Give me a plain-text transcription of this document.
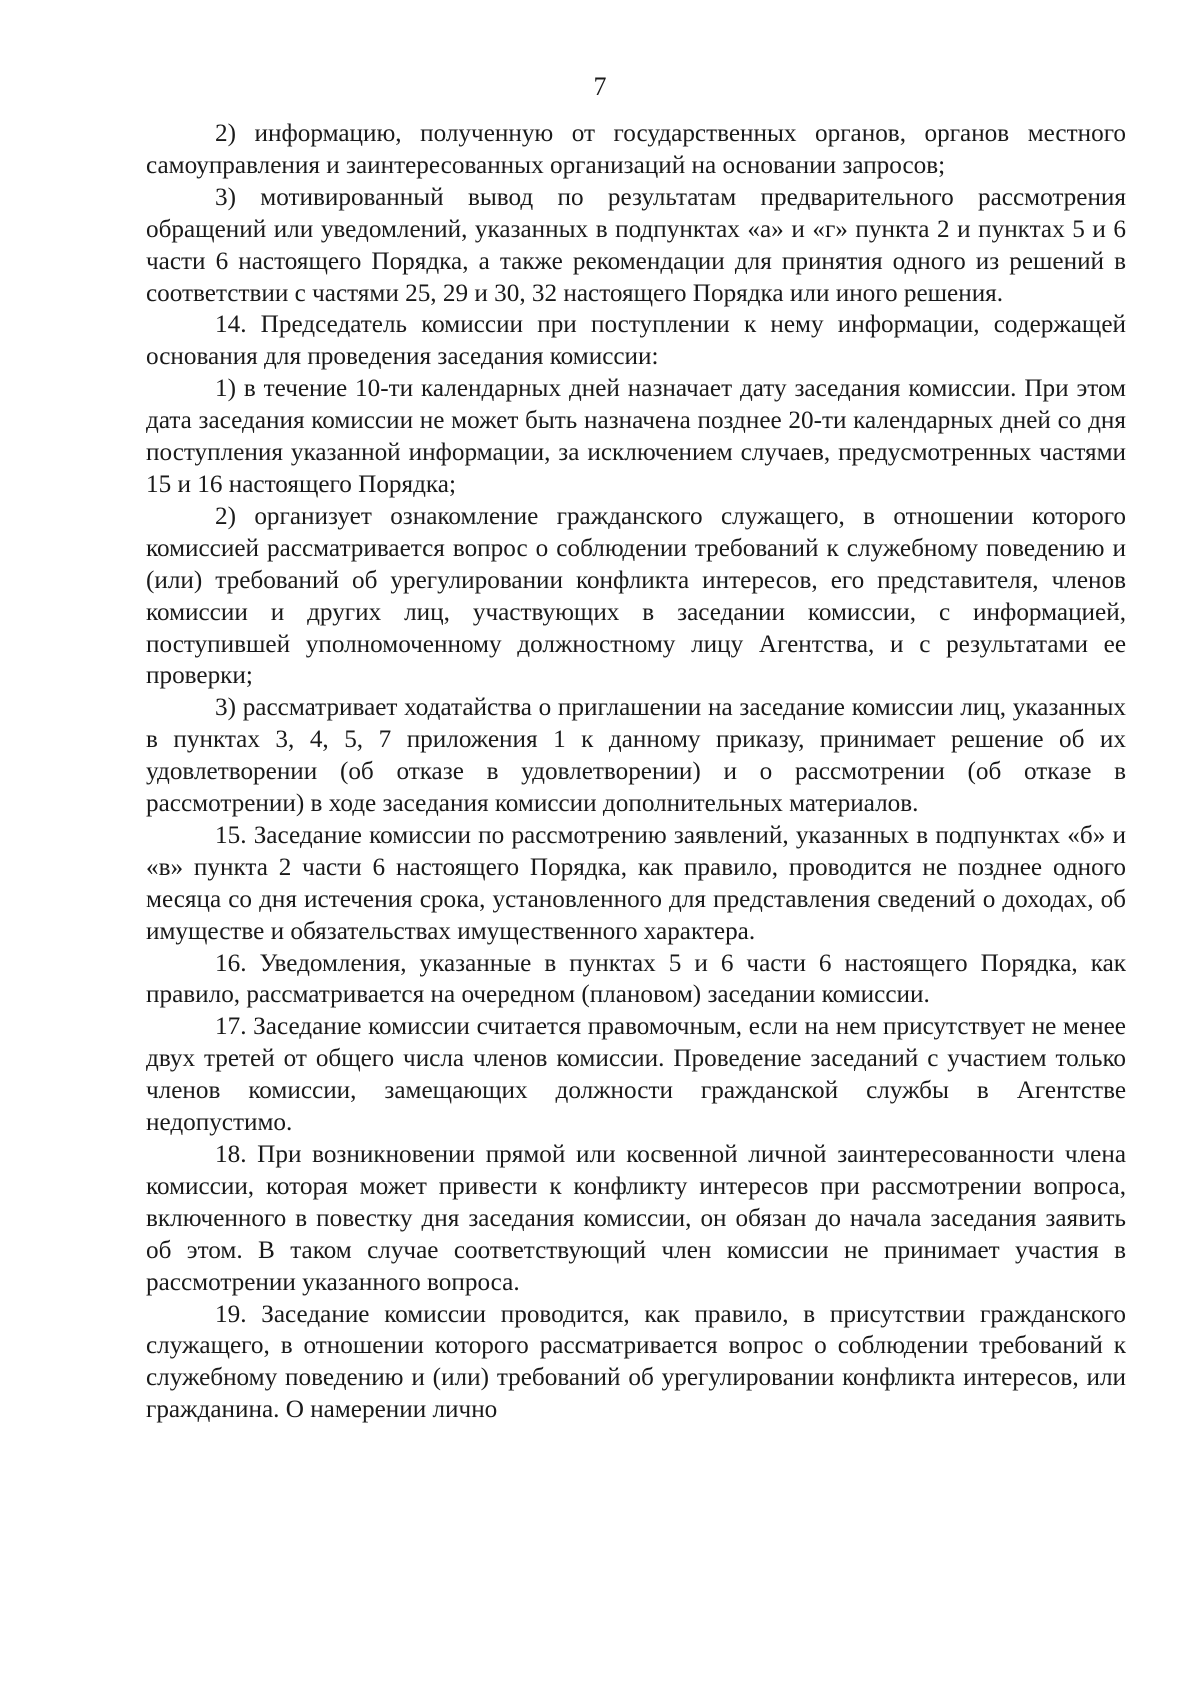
7

2) информацию, полученную от государственных органов, органов местного самоуправления и заинтересованных организаций на основании запросов;

3) мотивированный вывод по результатам предварительного рассмотрения обращений или уведомлений, указанных в подпунктах «а» и «г» пункта 2 и пунктах 5 и 6 части 6 настоящего Порядка, а также рекомендации для принятия одного из решений в соответствии с частями 25, 29 и 30, 32 настоящего Порядка или иного решения.

14. Председатель комиссии при поступлении к нему информации, содержащей основания для проведения заседания комиссии:

1) в течение 10-ти календарных дней назначает дату заседания комиссии. При этом дата заседания комиссии не может быть назначена позднее 20-ти календарных дней со дня поступления указанной информации, за исключением случаев, предусмотренных частями 15 и 16 настоящего Порядка;

2) организует ознакомление гражданского служащего, в отношении которого комиссией рассматривается вопрос о соблюдении требований к служебному поведению и (или) требований об урегулировании конфликта интересов, его представителя, членов комиссии и других лиц, участвующих в заседании комиссии, с информацией, поступившей уполномоченному должностному лицу Агентства, и с результатами ее проверки;

3) рассматривает ходатайства о приглашении на заседание комиссии лиц, указанных в пунктах 3, 4, 5, 7 приложения 1 к данному приказу, принимает решение об их удовлетворении (об отказе в удовлетворении) и о рассмотрении (об отказе в рассмотрении) в ходе заседания комиссии дополнительных материалов.

15. Заседание комиссии по рассмотрению заявлений, указанных в подпунктах «б» и «в» пункта 2 части 6 настоящего Порядка, как правило, проводится не позднее одного месяца со дня истечения срока, установленного для представления сведений о доходах, об имуществе и обязательствах имущественного характера.

16. Уведомления, указанные в пунктах 5 и 6 части 6 настоящего Порядка, как правило, рассматривается на очередном (плановом) заседании комиссии.

17. Заседание комиссии считается правомочным, если на нем присутствует не менее двух третей от общего числа членов комиссии. Проведение заседаний с участием только членов комиссии, замещающих должности гражданской службы в Агентстве недопустимо.

18. При возникновении прямой или косвенной личной заинтересованности члена комиссии, которая может привести к конфликту интересов при рассмотрении вопроса, включенного в повестку дня заседания комиссии, он обязан до начала заседания заявить об этом. В таком случае соответствующий член комиссии не принимает участия в рассмотрении указанного вопроса.

19. Заседание комиссии проводится, как правило, в присутствии гражданского служащего, в отношении которого рассматривается вопрос о соблюдении требований к служебному поведению и (или) требований об урегулировании конфликта интересов, или гражданина. О намерении лично
